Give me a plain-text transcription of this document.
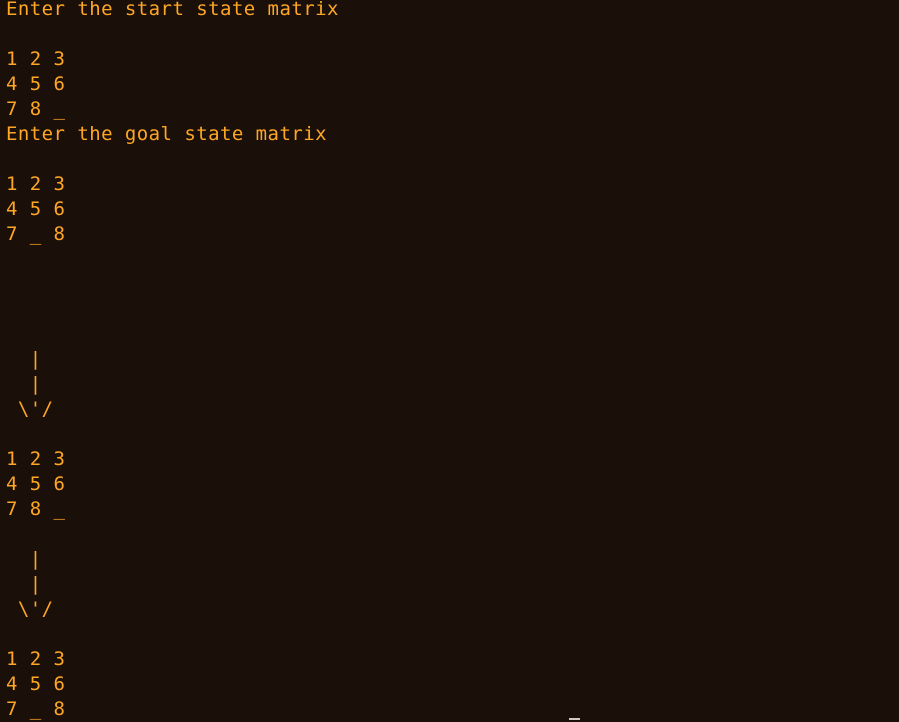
Enter the start state matrix
1 2 3
4 5 6
7 8 _
Enter the goal state matrix
1 2 3
4 5 6
7 _ 8
|
|
\'/
1 2 3
4 5 6
7 8 _
|
|
\'/
1 2 3
4 5 6
7 _ 8
